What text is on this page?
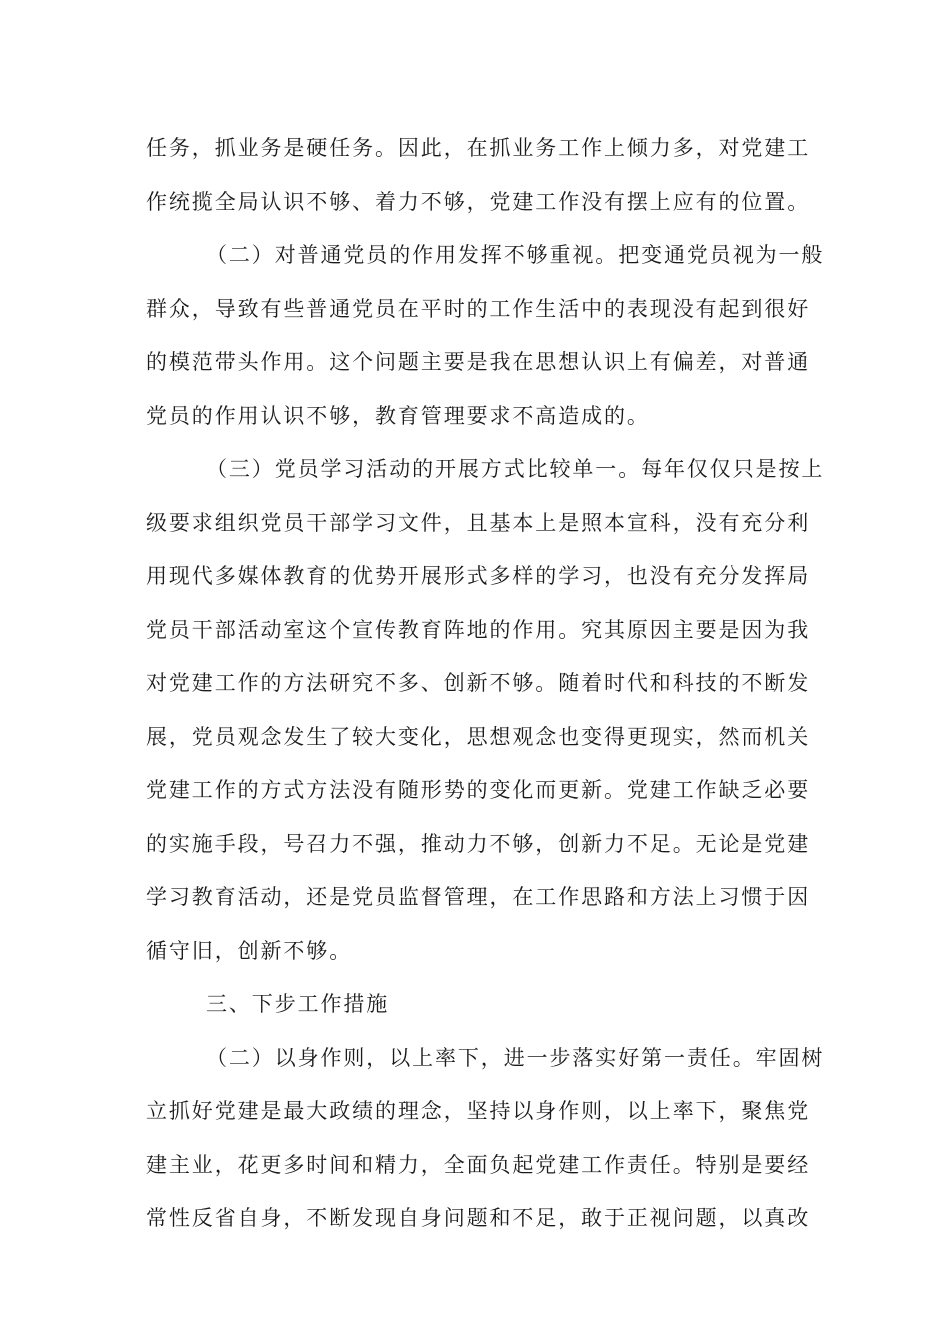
任务，抓业务是硬任务。因此，在抓业务工作上倾力多，对党建工
作统揽全局认识不够、着力不够，党建工作没有摆上应有的位置。
（二）对普通党员的作用发挥不够重视。把变通党员视为一般
群众，导致有些普通党员在平时的工作生活中的表现没有起到很好
的模范带头作用。这个问题主要是我在思想认识上有偏差，对普通
党员的作用认识不够，教育管理要求不高造成的。
（三）党员学习活动的开展方式比较单一。每年仅仅只是按上
级要求组织党员干部学习文件，且基本上是照本宣科，没有充分利
用现代多媒体教育的优势开展形式多样的学习，也没有充分发挥局
党员干部活动室这个宣传教育阵地的作用。究其原因主要是因为我
对党建工作的方法研究不多、创新不够。随着时代和科技的不断发
展，党员观念发生了较大变化，思想观念也变得更现实，然而机关
党建工作的方式方法没有随形势的变化而更新。党建工作缺乏必要
的实施手段，号召力不强，推动力不够，创新力不足。无论是党建
学习教育活动，还是党员监督管理，在工作思路和方法上习惯于因
循守旧，创新不够。
三、下步工作措施
（二）以身作则，以上率下，进一步落实好第一责任。牢固树
立抓好党建是最大政绩的理念，坚持以身作则，以上率下，聚焦党
建主业，花更多时间和精力，全面负起党建工作责任。特别是要经
常性反省自身，不断发现自身问题和不足，敢于正视问题，以真改
